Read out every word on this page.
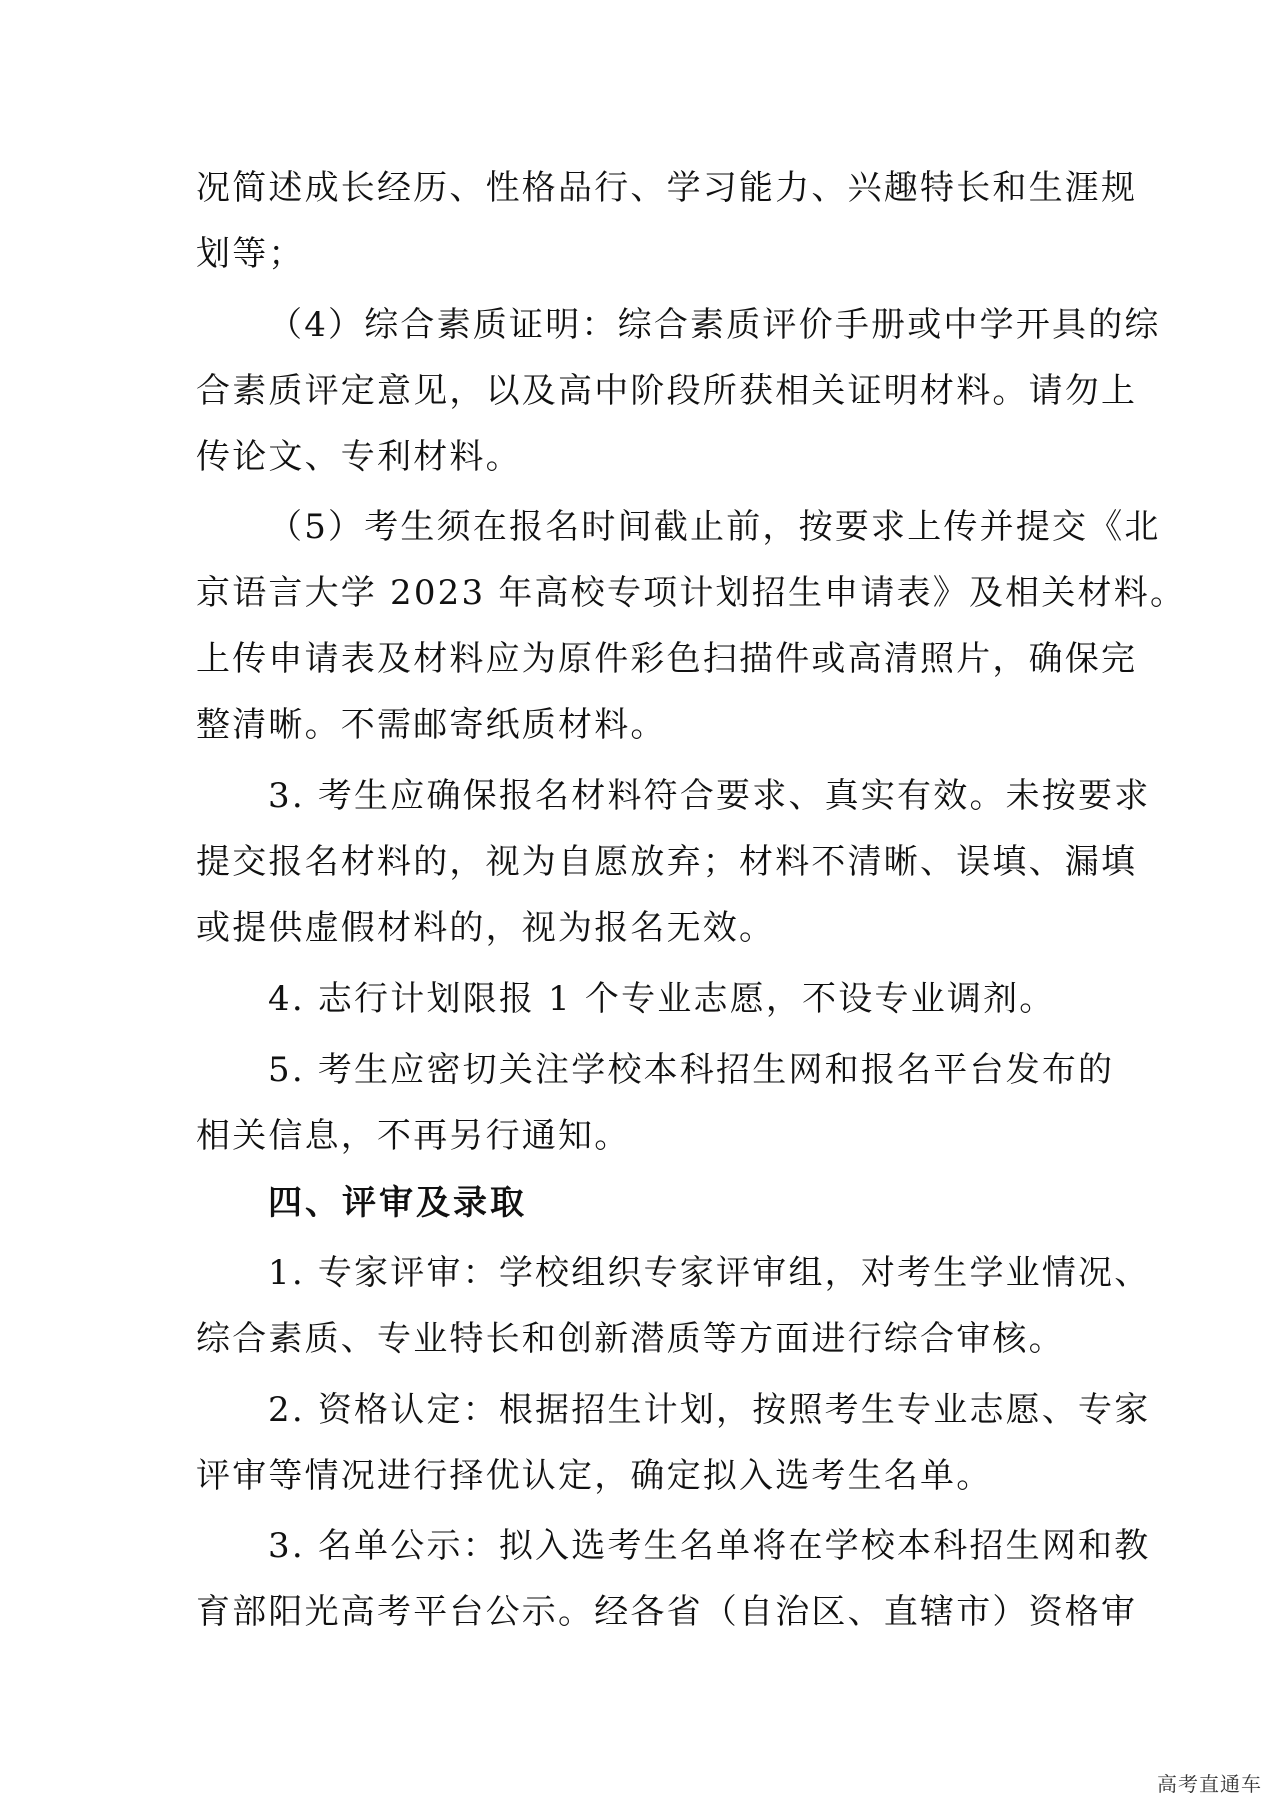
况简述成长经历、性格品行、学习能力、兴趣特长和生涯规
划等；
（4）综合素质证明：综合素质评价手册或中学开具的综
合素质评定意见，以及高中阶段所获相关证明材料。请勿上
传论文、专利材料。
（5）考生须在报名时间截止前，按要求上传并提交《北
京语言大学 2023 年高校专项计划招生申请表》及相关材料。
上传申请表及材料应为原件彩色扫描件或高清照片，确保完
整清晰。不需邮寄纸质材料。
3. 考生应确保报名材料符合要求、真实有效。未按要求
提交报名材料的，视为自愿放弃；材料不清晰、误填、漏填
或提供虚假材料的，视为报名无效。
4. 志行计划限报 1 个专业志愿，不设专业调剂。
5. 考生应密切关注学校本科招生网和报名平台发布的
相关信息，不再另行通知。
四、评审及录取
1. 专家评审：学校组织专家评审组，对考生学业情况、
综合素质、专业特长和创新潜质等方面进行综合审核。
2. 资格认定：根据招生计划，按照考生专业志愿、专家
评审等情况进行择优认定，确定拟入选考生名单。
3. 名单公示：拟入选考生名单将在学校本科招生网和教
育部阳光高考平台公示。经各省（自治区、直辖市）资格审
高考直通车
